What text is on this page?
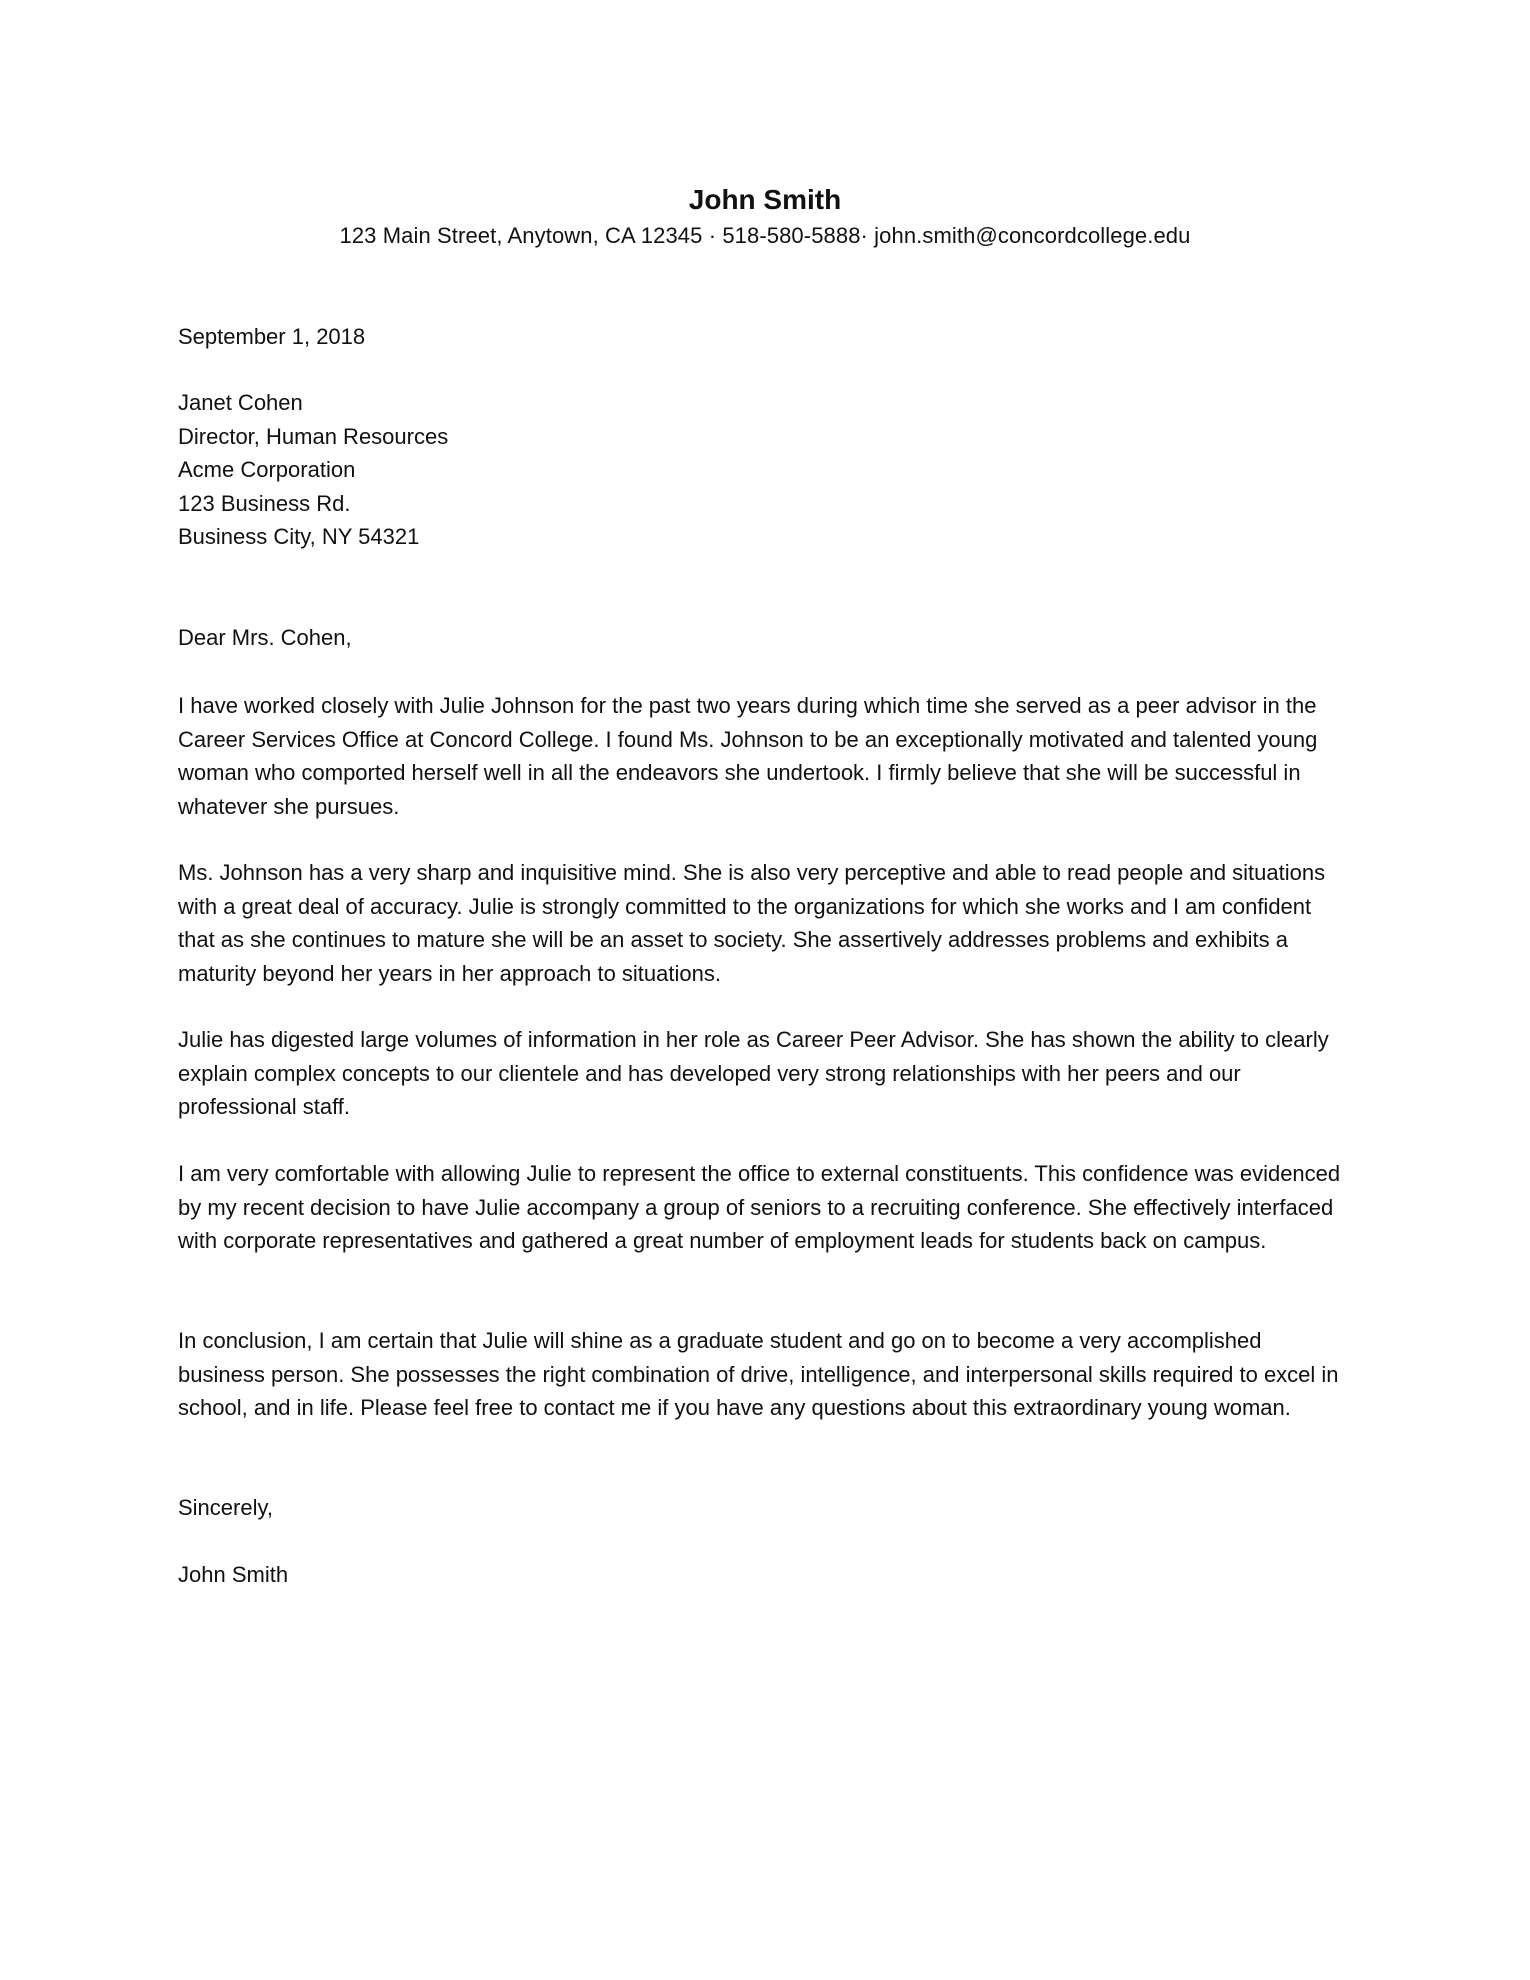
John Smith

123 Main Street, Anytown, CA 12345 · 518-580-5888· john.smith@concordcollege.edu

September 1, 2018
Janet Cohen
Director, Human Resources
Acme Corporation
123 Business Rd.
Business City, NY 54321
Dear Mrs. Cohen,

I have worked closely with Julie Johnson for the past two years during which time she served as a peer advisor in the Career Services Office at Concord College. I found Ms. Johnson to be an exceptionally motivated and talented young woman who comported herself well in all the endeavors she undertook. I firmly believe that she will be successful in whatever she pursues.

Ms. Johnson has a very sharp and inquisitive mind. She is also very perceptive and able to read people and situations with a great deal of accuracy. Julie is strongly committed to the organizations for which she works and I am confident that as she continues to mature she will be an asset to society. She assertively addresses problems and exhibits a maturity beyond her years in her approach to situations.

Julie has digested large volumes of information in her role as Career Peer Advisor. She has shown the ability to clearly explain complex concepts to our clientele and has developed very strong relationships with her peers and our professional staff.

I am very comfortable with allowing Julie to represent the office to external constituents. This confidence was evidenced by my recent decision to have Julie accompany a group of seniors to a recruiting conference. She effectively interfaced with corporate representatives and gathered a great number of employment leads for students back on campus.

In conclusion, I am certain that Julie will shine as a graduate student and go on to become a very accomplished business person. She possesses the right combination of drive, intelligence, and interpersonal skills required to excel in school, and in life. Please feel free to contact me if you have any questions about this extraordinary young woman.

Sincerely,
John Smith
